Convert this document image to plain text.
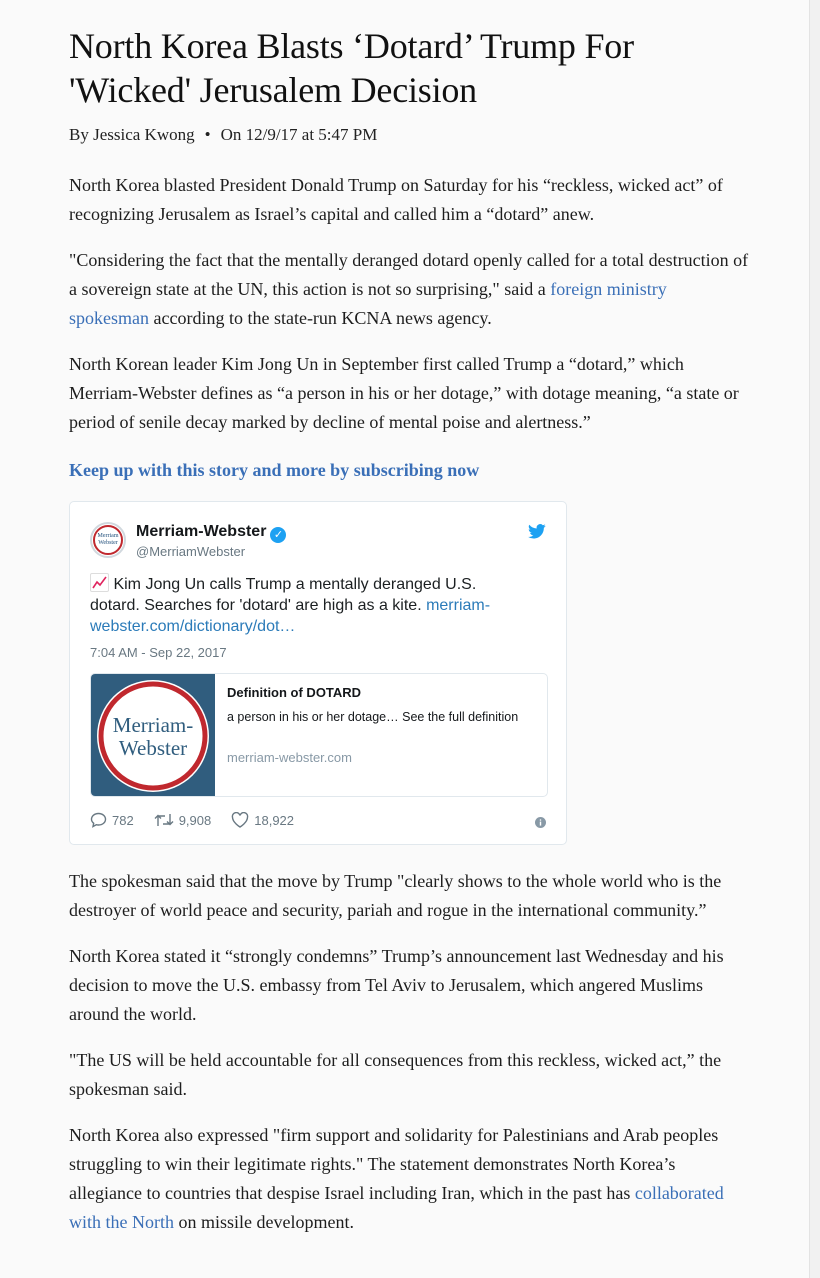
North Korea Blasts ‘Dotard’ Trump For 'Wicked' Jerusalem Decision
By Jessica Kwong • On 12/9/17 at 5:47 PM

North Korea blasted President Donald Trump on Saturday for his “reckless, wicked act” of recognizing Jerusalem as Israel’s capital and called him a “dotard” anew.

"Considering the fact that the mentally deranged dotard openly called for a total destruction of a sovereign state at the UN, this action is not so surprising," said a foreign ministry spokesman according to the state-run KCNA news agency.

North Korean leader Kim Jong Un in September first called Trump a “dotard,” which Merriam-Webster defines as “a person in his or her dotage,” with dotage meaning, “a state or period of senile decay marked by decline of mental poise and alertness.”

Keep up with this story and more by subscribing now
Merriam Webster
Merriam-Webster ✓
@MerriamWebster
Kim Jong Un calls Trump a mentally deranged U.S. dotard. Searches for 'dotard' are high as a kite. merriam-webster.com/dictionary/dot…
7:04 AM - Sep 22, 2017
Merriam-
Webster
Definition of DOTARD
a person in his or her dotage… See the full definition
merriam-webster.com
782	9,908	18,922

The spokesman said that the move by Trump "clearly shows to the whole world who is the destroyer of world peace and security, pariah and rogue in the international community.”

North Korea stated it “strongly condemns” Trump’s announcement last Wednesday and his decision to move the U.S. embassy from Tel Aviv to Jerusalem, which angered Muslims around the world.

"The US will be held accountable for all consequences from this reckless, wicked act,” the spokesman said.

North Korea also expressed "firm support and solidarity for Palestinians and Arab peoples struggling to win their legitimate rights." The statement demonstrates North Korea’s allegiance to countries that despise Israel including Iran, which in the past has collaborated with the North on missile development.
